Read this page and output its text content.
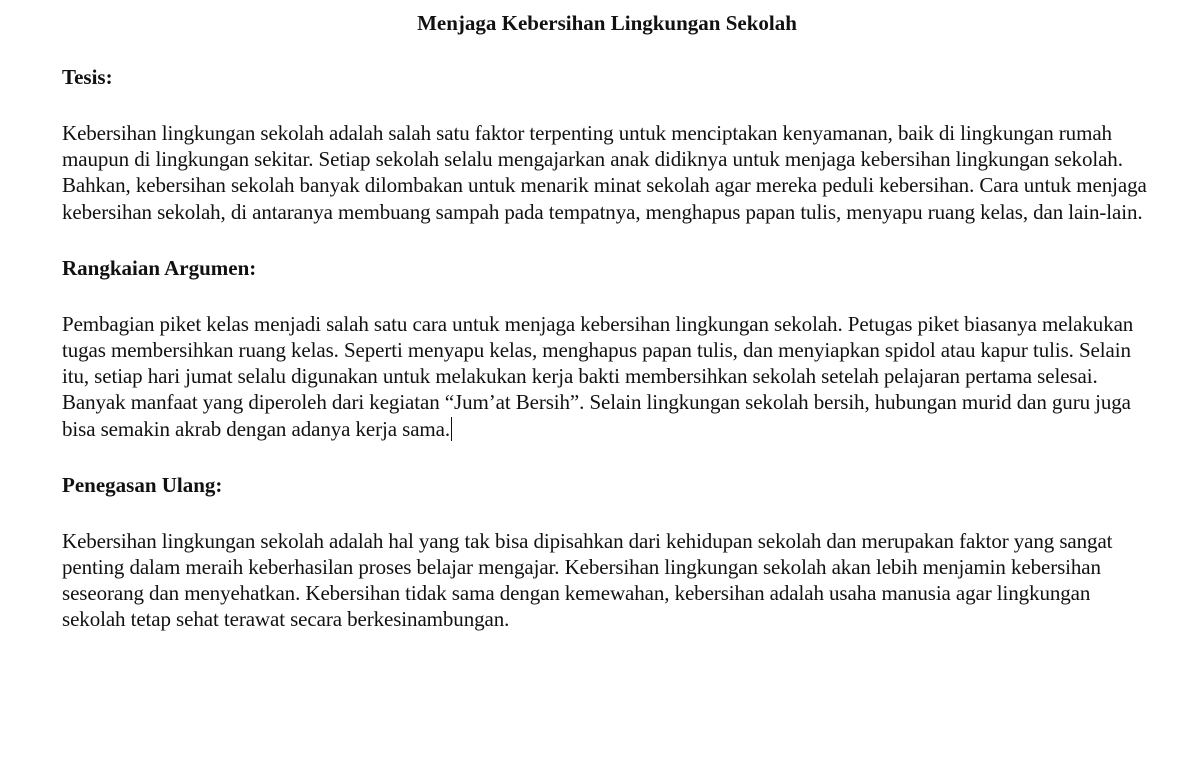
Menjaga Kebersihan Lingkungan Sekolah
Tesis:
Kebersihan lingkungan sekolah adalah salah satu faktor terpenting untuk menciptakan kenyamanan, baik di lingkungan rumah maupun di lingkungan sekitar. Setiap sekolah selalu mengajarkan anak didiknya untuk menjaga kebersihan lingkungan sekolah. Bahkan, kebersihan sekolah banyak dilombakan untuk menarik minat sekolah agar mereka peduli kebersihan. Cara untuk menjaga kebersihan sekolah, di antaranya membuang sampah pada tempatnya, menghapus papan tulis, menyapu ruang kelas, dan lain-lain.
Rangkaian Argumen:
Pembagian piket kelas menjadi salah satu cara untuk menjaga kebersihan lingkungan sekolah. Petugas piket biasanya melakukan tugas membersihkan ruang kelas. Seperti menyapu kelas, menghapus papan tulis, dan menyiapkan spidol atau kapur tulis. Selain itu, setiap hari jumat selalu digunakan untuk melakukan kerja bakti membersihkan sekolah setelah pelajaran pertama selesai. Banyak manfaat yang diperoleh dari kegiatan “Jum’at Bersih”. Selain lingkungan sekolah bersih, hubungan murid dan guru juga bisa semakin akrab dengan adanya kerja sama.
Penegasan Ulang:
Kebersihan lingkungan sekolah adalah hal yang tak bisa dipisahkan dari kehidupan sekolah dan merupakan faktor yang sangat penting dalam meraih keberhasilan proses belajar mengajar. Kebersihan lingkungan sekolah akan lebih menjamin kebersihan seseorang dan menyehatkan. Kebersihan tidak sama dengan kemewahan, kebersihan adalah usaha manusia agar lingkungan sekolah tetap sehat terawat secara berkesinambungan.
